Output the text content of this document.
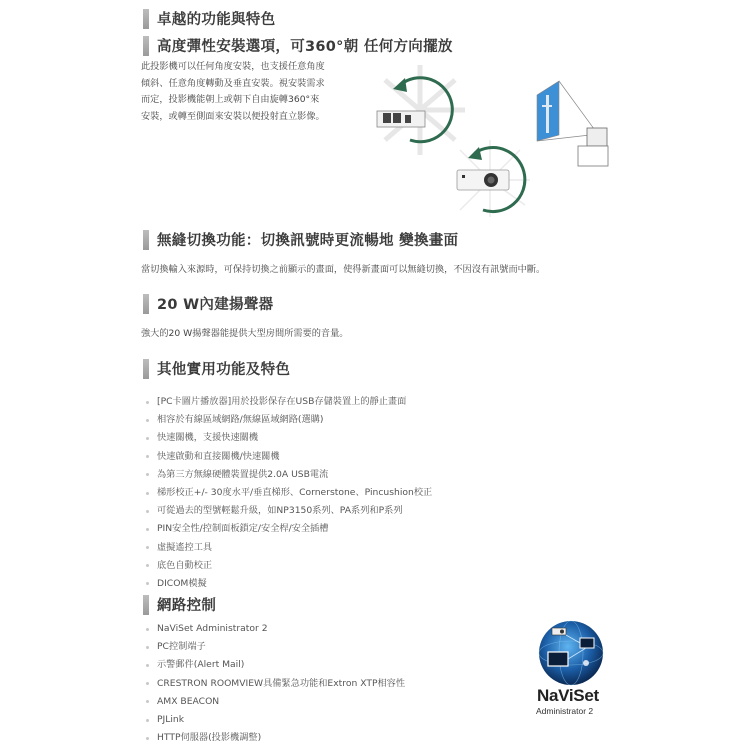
卓越的功能與特色
高度彈性安裝選項，可360°朝 任何方向擺放
此投影機可以任何角度安裝，也支援任意角度
傾斜、任意角度轉動及垂直安裝。視安裝需求
而定，投影機能朝上或朝下自由旋轉360°來
安裝，或轉至側面來安裝以便投射直立影像。
無縫切換功能：切換訊號時更流暢地 變換畫面
當切換輸入來源時，可保持切換之前顯示的畫面，使得新畫面可以無縫切換，不因沒有訊號而中斷。
20 W內建揚聲器
強大的20 W揚聲器能提供大型房間所需要的音量。
其他實用功能及特色
[PC卡圖片播放器]用於投影保存在USB存儲裝置上的靜止畫面
相容於有線區域網路/無線區域網路(選購)
快速關機，支援快速關機
快速啟動和直接關機/快速關機
為第三方無線硬體裝置提供2.0A USB電流
梯形校正+/- 30度水平/垂直梯形、Cornerstone、Pincushion校正
可從過去的型號輕鬆升級，如NP3150系列、PA系列和P系列
PIN安全性/控制面板鎖定/安全桿/安全插槽
虛擬遙控工具
底色自動校正
DICOM模擬
網路控制
NaViSet Administrator 2
PC控制端子
示警郵件(Alert Mail)
CRESTRON ROOMVIEW具備緊急功能和Extron XTP相容性
AMX BEACON
PJLink
HTTP伺服器(投影機調整)
NaViSet
Administrator 2
